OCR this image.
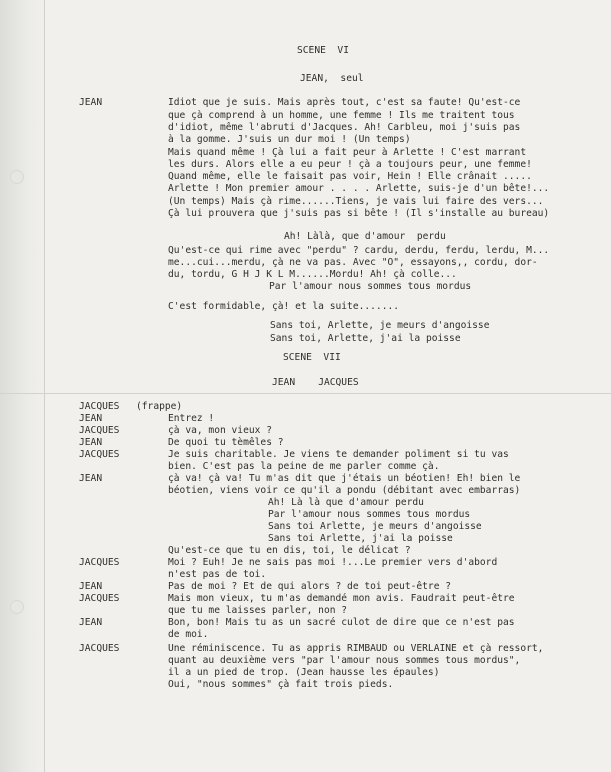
SCENE  VI
JEAN,  seul
JEAN	Idiot que je suis. Mais après tout, c'est sa faute! Qu'est-ce
que çà comprend à un homme, une femme ! Ils me traitent tous
d'idiot, même l'abruti d'Jacques. Ah! Carbleu, moi j'suis pas
à la gomme. J'suis un dur moi ! (Un temps)
Mais quand même ! Çà lui a fait peur à Arlette ! C'est marrant
les durs. Alors elle a eu peur ! çà a toujours peur, une femme!
Quand même, elle le faisait pas voir, Hein ! Elle crânait .....
Arlette ! Mon premier amour . . . . Arlette, suis-je d'un bête!...
(Un temps) Mais çà rime......Tiens, je vais lui faire des vers...
Çà lui prouvera que j'suis pas si bête ! (Il s'installe au bureau)
Ah! Làlà, que d'amour  perdu
Qu'est-ce qui rime avec "perdu" ? cardu, derdu, ferdu, lerdu, M...
me...cui...merdu, çà ne va pas. Avec "O", essayons,, cordu, dor-
du, tordu, G H J K L M......Mordu! Ah! çà colle...
Par l'amour nous sommes tous mordus
C'est formidable, çà! et la suite.......
Sans toi, Arlette, je meurs d'angoisse
Sans toi, Arlette, j'ai la poisse
SCENE  VII
JEAN    JACQUES
JACQUES (frappe)
JEAN	Entrez !
JACQUES	çà va, mon vieux ?
JEAN	De quoi tu tèmêles ?
JACQUES	Je suis charitable. Je viens te demander poliment si tu vas
bien. C'est pas la peine de me parler comme çà.
JEAN	çà va! çà va! Tu m'as dit que j'étais un béotien! Eh! bien le
béotien, viens voir ce qu'il a pondu (débitant avec embarras)
Ah! Là là que d'amour perdu
Par l'amour nous sommes tous mordus
Sans toi Arlette, je meurs d'angoisse
Sans toi Arlette, j'ai la poisse
Qu'est-ce que tu en dis, toi, le délicat ?
JACQUES	Moi ? Euh! Je ne sais pas moi !...Le premier vers d'abord
n'est pas de toi.
JEAN	Pas de moi ? Et de qui alors ? de toi peut-être ?
JACQUES	Mais mon vieux, tu m'as demandé mon avis. Faudrait peut-être
que tu me laisses parler, non ?
JEAN	Bon, bon! Mais tu as un sacré culot de dire que ce n'est pas
de moi.
JACQUES	Une réminiscence. Tu as appris RIMBAUD ou VERLAINE et çà ressort,
quant au deuxième vers "par l'amour nous sommes tous mordus",
il a un pied de trop. (Jean hausse les épaules)
Oui, "nous sommes" çà fait trois pieds.
